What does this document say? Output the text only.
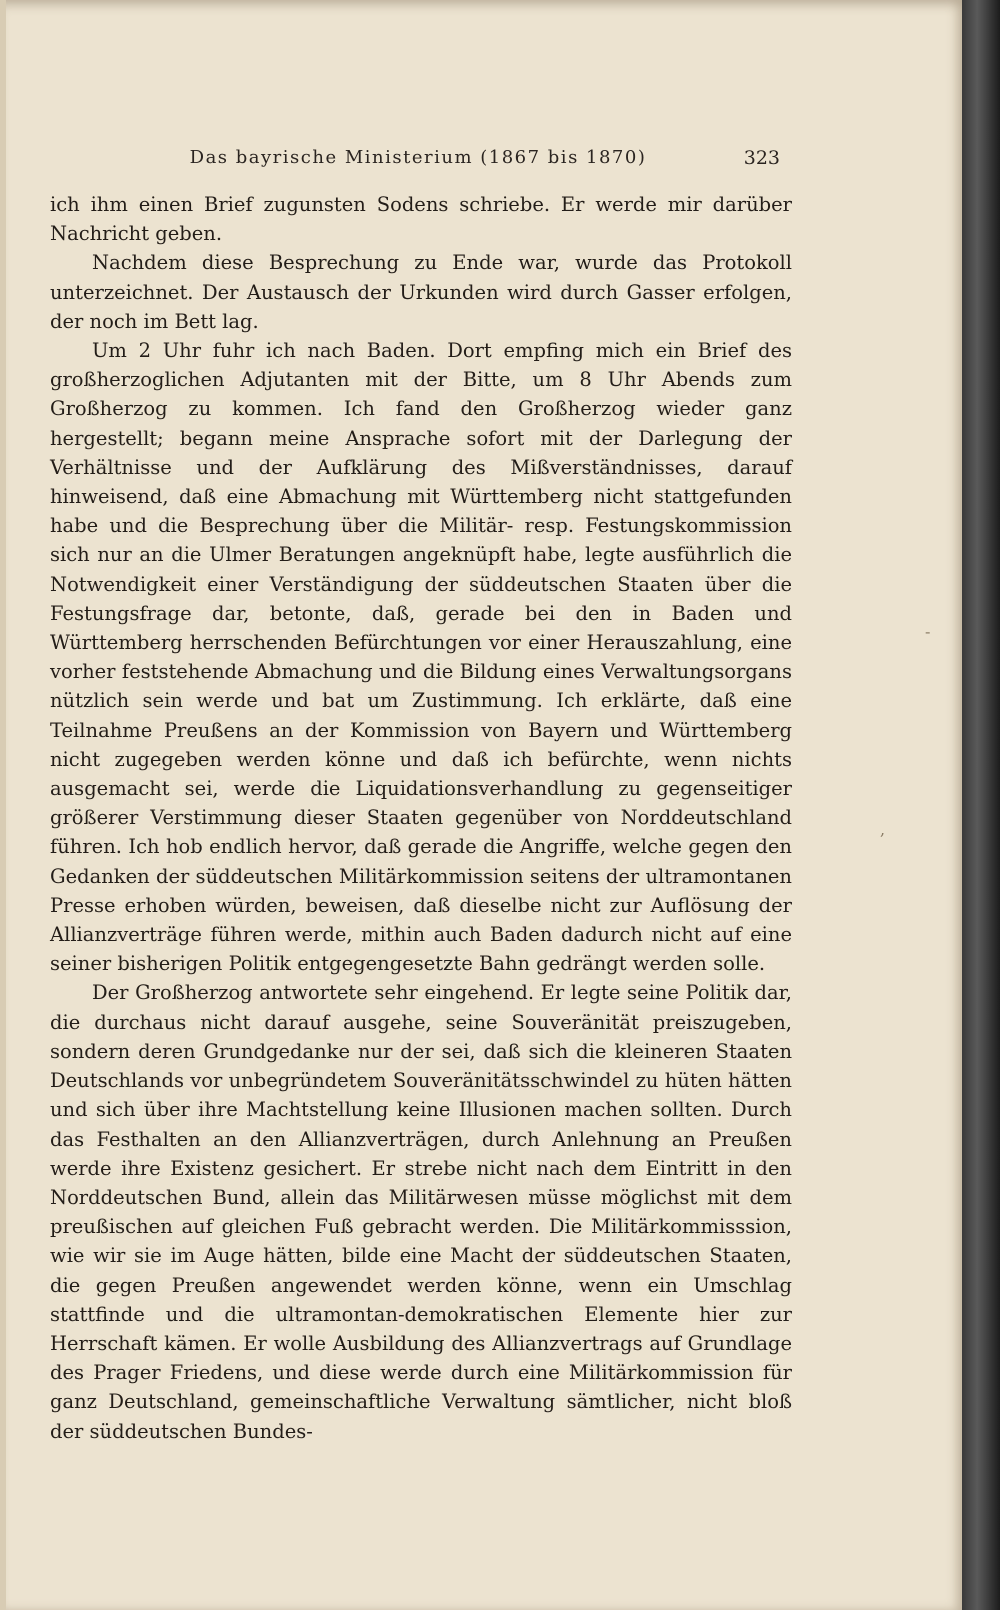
Das bayrische Ministerium (1867 bis 1870)	323

ich ihm einen Brief zugunsten Sodens schriebe. Er werde mir darüber Nachricht geben.

Nachdem diese Besprechung zu Ende war, wurde das Protokoll unterzeichnet. Der Austausch der Urkunden wird durch Gasser erfolgen, der noch im Bett lag.

Um 2 Uhr fuhr ich nach Baden. Dort empfing mich ein Brief des großherzoglichen Adjutanten mit der Bitte, um 8 Uhr Abends zum Großherzog zu kommen. Ich fand den Großherzog wieder ganz hergestellt; begann meine Ansprache sofort mit der Darlegung der Verhältnisse und der Aufklärung des Mißverständnisses, darauf hinweisend, daß eine Abmachung mit Württemberg nicht stattgefunden habe und die Besprechung über die Militär- resp. Festungskommission sich nur an die Ulmer Beratungen angeknüpft habe, legte ausführlich die Notwendigkeit einer Verständigung der süddeutschen Staaten über die Festungsfrage dar, betonte, daß, gerade bei den in Baden und Württemberg herrschenden Befürchtungen vor einer Herauszahlung, eine vorher feststehende Abmachung und die Bildung eines Verwaltungsorgans nützlich sein werde und bat um Zustimmung. Ich erklärte, daß eine Teilnahme Preußens an der Kommission von Bayern und Württemberg nicht zugegeben werden könne und daß ich befürchte, wenn nichts ausgemacht sei, werde die Liquidationsverhandlung zu gegenseitiger größerer Verstimmung dieser Staaten gegenüber von Norddeutschland führen. Ich hob endlich hervor, daß gerade die Angriffe, welche gegen den Gedanken der süddeutschen Militärkommission seitens der ultramontanen Presse erhoben würden, beweisen, daß dieselbe nicht zur Auflösung der Allianzverträge führen werde, mithin auch Baden dadurch nicht auf eine seiner bisherigen Politik entgegengesetzte Bahn gedrängt werden solle.

Der Großherzog antwortete sehr eingehend. Er legte seine Politik dar, die durchaus nicht darauf ausgehe, seine Souveränität preiszugeben, sondern deren Grundgedanke nur der sei, daß sich die kleineren Staaten Deutschlands vor unbegründetem Souveränitätsschwindel zu hüten hätten und sich über ihre Machtstellung keine Illusionen machen sollten. Durch das Festhalten an den Allianzverträgen, durch Anlehnung an Preußen werde ihre Existenz gesichert. Er strebe nicht nach dem Eintritt in den Norddeutschen Bund, allein das Militärwesen müsse möglichst mit dem preußischen auf gleichen Fuß gebracht werden. Die Militärkommisssion, wie wir sie im Auge hätten, bilde eine Macht der süddeutschen Staaten, die gegen Preußen angewendet werden könne, wenn ein Umschlag stattfinde und die ultramontan-demokratischen Elemente hier zur Herrschaft kämen. Er wolle Ausbildung des Allianzvertrags auf Grundlage des Prager Friedens, und diese werde durch eine Militärkommission für ganz Deutschland, gemeinschaftliche Verwaltung sämtlicher, nicht bloß der süddeutschen Bundes-

-
,
